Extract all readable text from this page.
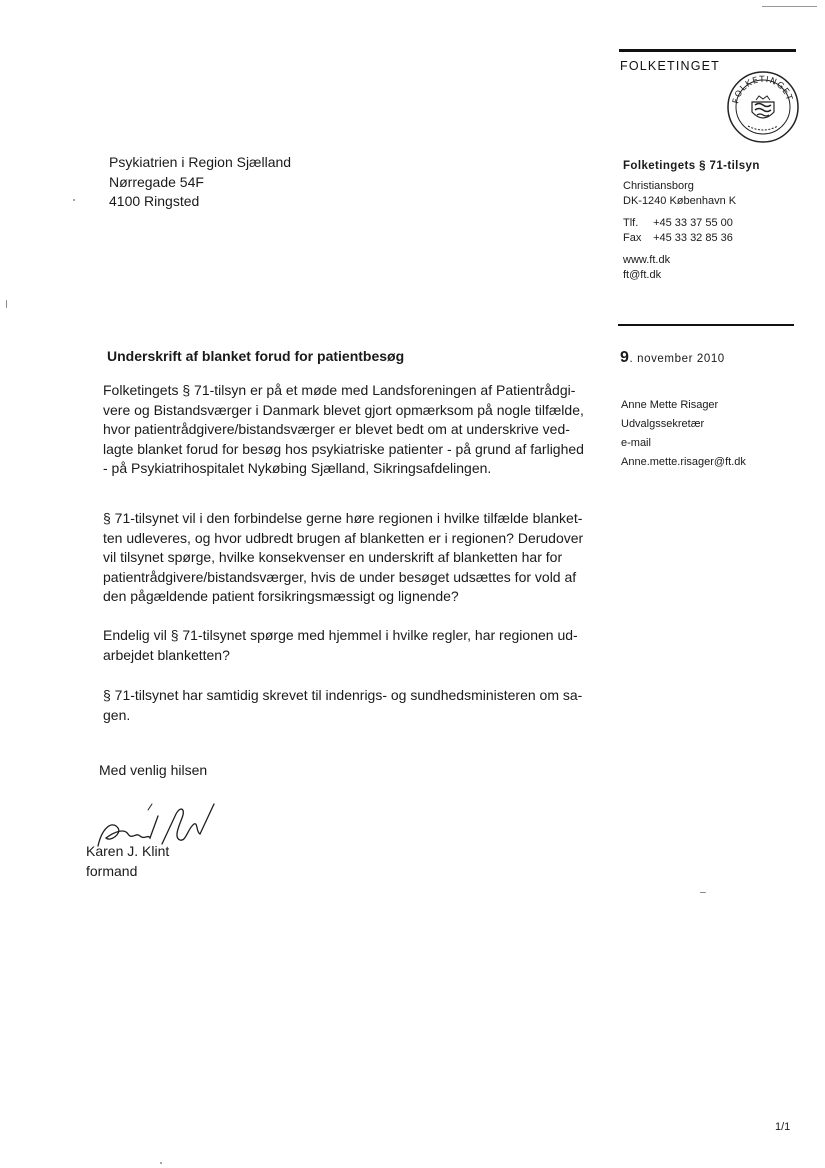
FOLKETINGET
FOLKETINGET
Psykiatrien i Region Sjælland
Nørregade 54F
4100 Ringsted
Folketingets § 71-tilsyn
Christiansborg
DK-1240 København K
Tlf. +45 33 37 55 00
Fax +45 33 32 85 36
www.ft.dk
ft@ft.dk
9. november 2010
Anne Mette Risager
Udvalgssekretær
e-mail
Anne.mette.risager@ft.dk
Underskrift af blanket forud for patientbesøg
Folketingets § 71-tilsyn er på et møde med Landsforeningen af Patientrådgi-
vere og Bistandsværger i Danmark blevet gjort opmærksom på nogle tilfælde,
hvor patientrådgivere/bistandsværger er blevet bedt om at underskrive ved-
lagte blanket forud for besøg hos psykiatriske patienter - på grund af farlighed
- på Psykiatrihospitalet Nykøbing Sjælland, Sikringsafdelingen.
§ 71-tilsynet vil i den forbindelse gerne høre regionen i hvilke tilfælde blanket-
ten udleveres, og hvor udbredt brugen af blanketten er i regionen? Derudover
vil tilsynet spørge, hvilke konsekvenser en underskrift af blanketten har for
patientrådgivere/bistandsværger, hvis de under besøget udsættes for vold af
den pågældende patient forsikringsmæssigt og lignende?
Endelig vil § 71-tilsynet spørge med hjemmel i hvilke regler, har regionen ud-
arbejdet blanketten?
§ 71-tilsynet har samtidig skrevet til indenrigs- og sundhedsministeren om sa-
gen.
Med venlig hilsen
Karen J. Klint
formand
1/1
